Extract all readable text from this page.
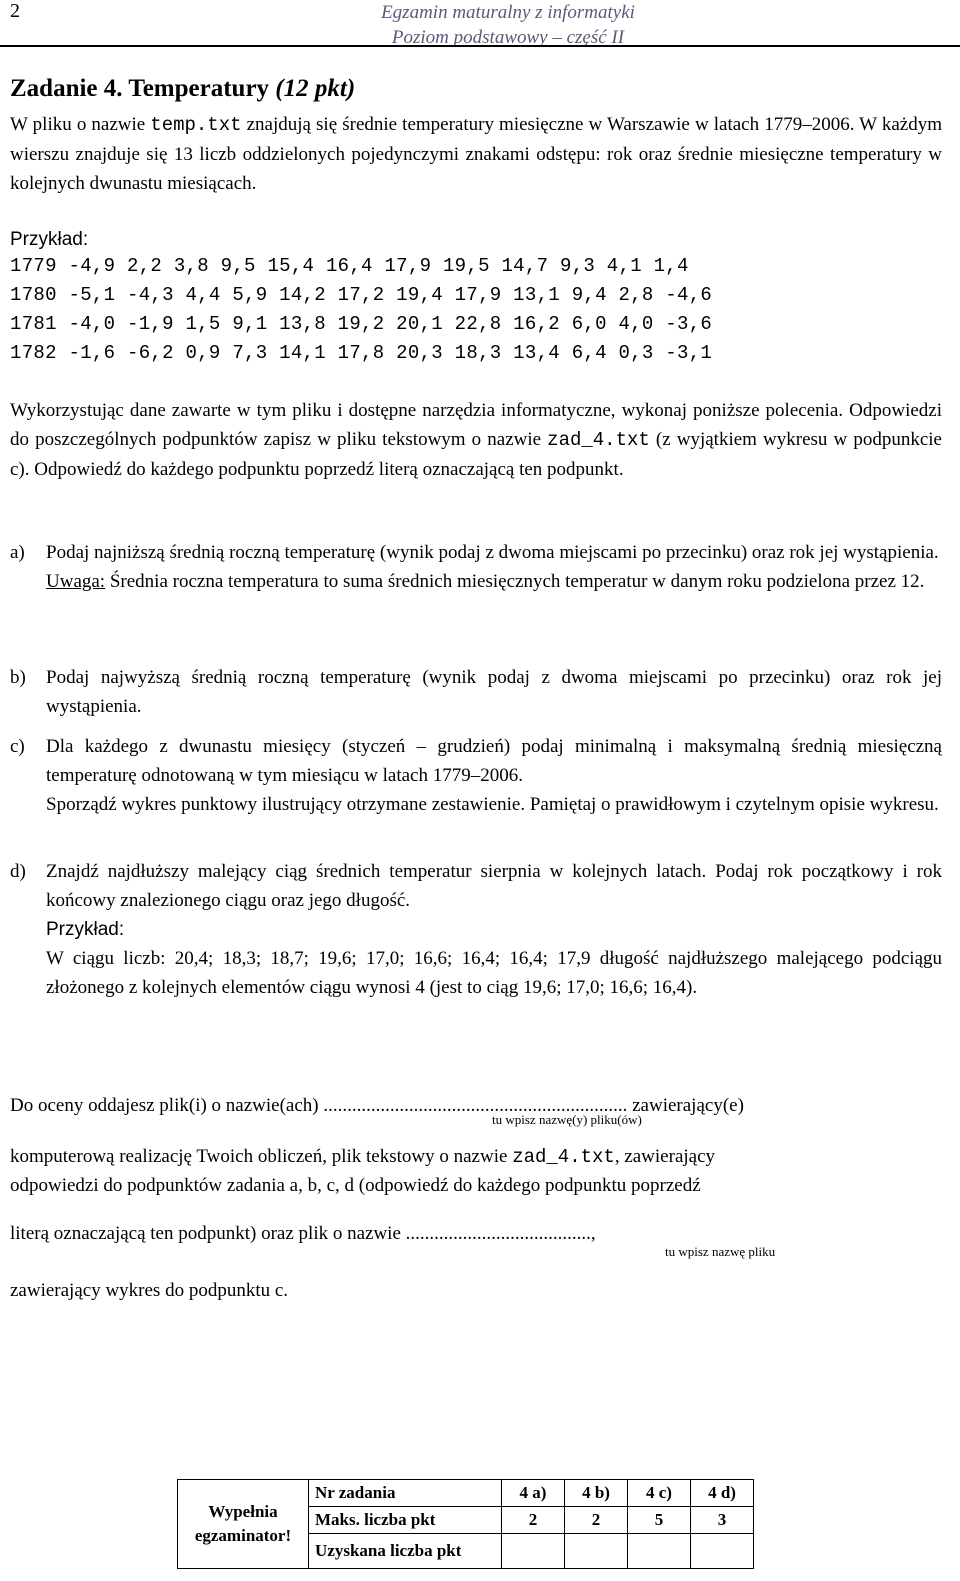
2	Egzamin maturalny z informatyki
Poziom podstawowy – część II
Zadanie 4. Temperatury (12 pkt)
W pliku o nazwie temp.txt znajdują się średnie temperatury miesięczne w Warszawie w latach 1779–2006. W każdym wierszu znajduje się 13 liczb oddzielonych pojedynczymi znakami odstępu: rok oraz średnie miesięczne temperatury w kolejnych dwunastu miesiącach.
Przykład:
1779 -4,9 2,2 3,8 9,5 15,4 16,4 17,9 19,5 14,7 9,3 4,1 1,4
1780 -5,1 -4,3 4,4 5,9 14,2 17,2 19,4 17,9 13,1 9,4 2,8 -4,6
1781 -4,0 -1,9 1,5 9,1 13,8 19,2 20,1 22,8 16,2 6,0 4,0 -3,6
1782 -1,6 -6,2 0,9 7,3 14,1 17,8 20,3 18,3 13,4 6,4 0,3 -3,1
Wykorzystując dane zawarte w tym pliku i dostępne narzędzia informatyczne, wykonaj poniższe polecenia. Odpowiedzi do poszczególnych podpunktów zapisz w pliku tekstowym o nazwie zad_4.txt (z wyjątkiem wykresu w podpunkcie c). Odpowiedź do każdego podpunktu poprzedź literą oznaczającą ten podpunkt.
a) Podaj najniższą średnią roczną temperaturę (wynik podaj z dwoma miejscami po przecinku) oraz rok jej wystąpienia.
Uwaga: Średnia roczna temperatura to suma średnich miesięcznych temperatur w danym roku podzielona przez 12.
b) Podaj najwyższą średnią roczną temperaturę (wynik podaj z dwoma miejscami po przecinku) oraz rok jej wystąpienia.
c) Dla każdego z dwunastu miesięcy (styczeń – grudzień) podaj minimalną i maksymalną średnią miesięczną temperaturę odnotowaną w tym miesiącu w latach 1779–2006.
Sporządź wykres punktowy ilustrujący otrzymane zestawienie. Pamiętaj o prawidłowym i czytelnym opisie wykresu.
d) Znajdź najdłuższy malejący ciąg średnich temperatur sierpnia w kolejnych latach. Podaj rok początkowy i rok końcowy znalezionego ciągu oraz jego długość.
Przykład:
W ciągu liczb: 20,4; 18,3; 18,7; 19,6; 17,0; 16,6; 16,4; 16,4; 17,9 długość najdłuższego malejącego podciągu złożonego z kolejnych elementów ciągu wynosi 4 (jest to ciąg 19,6; 17,0; 16,6; 16,4).
Do oceny oddajesz plik(i) o nazwie(ach) ................................................................ zawierający(e)
tu wpisz nazwę(y) pliku(ów)
komputerową realizację Twoich obliczeń, plik tekstowy o nazwie zad_4.txt, zawierający
odpowiedzi do podpunktów zadania a, b, c, d (odpowiedź do każdego podpunktu poprzedź
literą oznaczającą ten podpunkt) oraz plik o nazwie .......................................,
tu wpisz nazwę pliku
zawierający wykres do podpunktu c.
Wypełnia egzaminator!	Nr zadania	4 a)	4 b)	4 c)	4 d)
	Maks. liczba pkt	2	2	5	3
	Uzyskana liczba pkt				
